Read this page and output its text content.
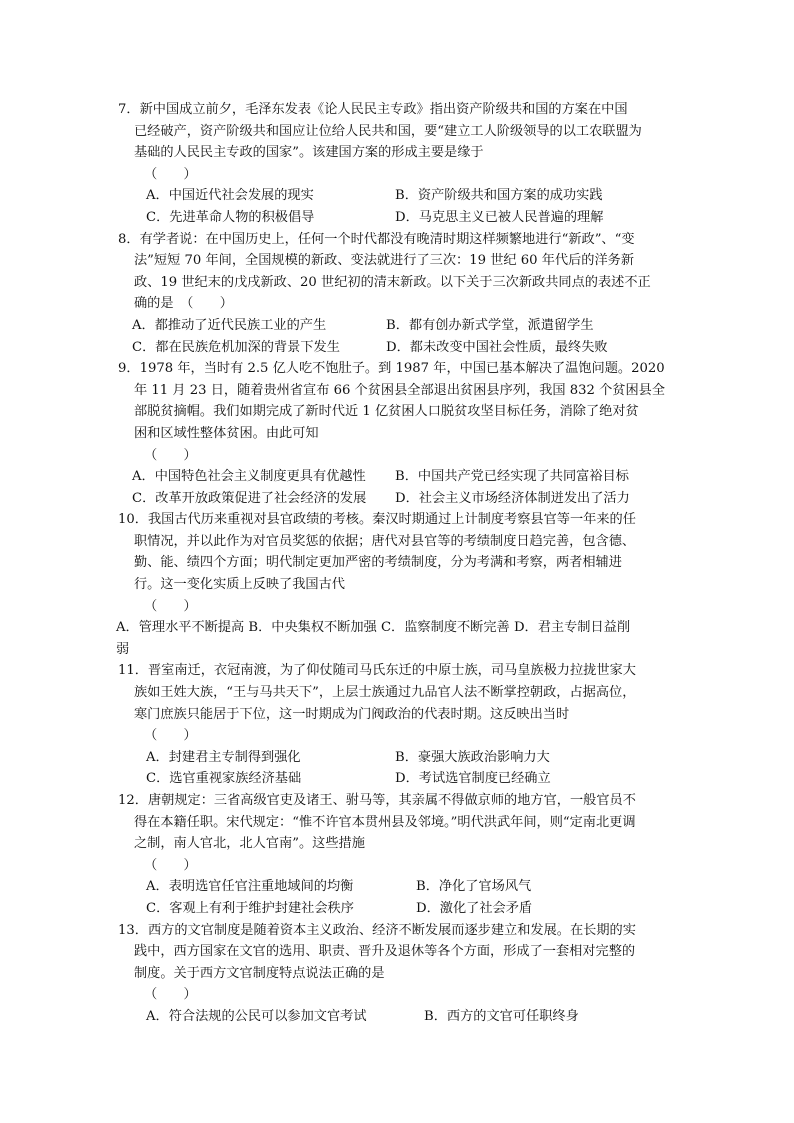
7．新中国成立前夕，毛泽东发表《论人民民主专政》指出资产阶级共和国的方案在中国
已经破产，资产阶级共和国应让位给人民共和国，要“建立工人阶级领导的以工农联盟为
基础的人民民主专政的国家”。该建国方案的形成主要是缘于
（　　）
A．中国近代社会发展的现实	B．资产阶级共和国方案的成功实践
C．先进革命人物的积极倡导	D．马克思主义已被人民普遍的理解
8．有学者说：在中国历史上，任何一个时代都没有晚清时期这样频繁地进行“新政”、“变
法”短短 70 年间，全国规模的新政、变法就进行了三次：19 世纪 60 年代后的洋务新
政、19 世纪末的戊戌新政、20 世纪初的清末新政。以下关于三次新政共同点的表述不正
确的是　（　　）
A．都推动了近代民族工业的产生	B．都有创办新式学堂，派遣留学生
C．都在民族危机加深的背景下发生	D．都未改变中国社会性质，最终失败
9．1978 年，当时有 2.5 亿人吃不饱肚子。到 1987 年，中国已基本解决了温饱问题。2020
年 11 月 23 日，随着贵州省宣布 66 个贫困县全部退出贫困县序列，我国 832 个贫困县全
部脱贫摘帽。我们如期完成了新时代近 1 亿贫困人口脱贫攻坚目标任务，消除了绝对贫
困和区域性整体贫困。由此可知
（　　）
A．中国特色社会主义制度更具有优越性	B．中国共产党已经实现了共同富裕目标
C．改革开放政策促进了社会经济的发展	D．社会主义市场经济体制迸发出了活力
10．我国古代历来重视对县官政绩的考核。秦汉时期通过上计制度考察县官等一年来的任
职情况，并以此作为对官员奖惩的依据；唐代对县官等的考绩制度日趋完善，包含德、
勤、能、绩四个方面；明代制定更加严密的考绩制度，分为考满和考察，两者相辅进
行。这一变化实质上反映了我国古代
（　　）
A．管理水平不断提高 B．中央集权不断加强 C．监察制度不断完善 D．君主专制日益削
弱
11．晋室南迁，衣冠南渡，为了仰仗随司马氏东迁的中原士族，司马皇族极力拉拢世家大
族如王姓大族，“王与马共天下”，上层士族通过九品官人法不断掌控朝政，占据高位，
寒门庶族只能居于下位，这一时期成为门阀政治的代表时期。这反映出当时
（　　）
A．封建君主专制得到强化	B．豪强大族政治影响力大
C．选官重视家族经济基础	D．考试选官制度已经确立
12．唐朝规定：三省高级官吏及诸王、驸马等，其亲属不得做京师的地方官，一般官员不
得在本籍任职。宋代规定：“惟不许官本贯州县及邻境。”明代洪武年间，则“定南北更调
之制，南人官北，北人官南”。这些措施
（　　）
A．表明选官任官注重地域间的均衡	B．净化了官场风气
C．客观上有利于维护封建社会秩序	D．激化了社会矛盾
13．西方的文官制度是随着资本主义政治、经济不断发展而逐步建立和发展。在长期的实
践中，西方国家在文官的选用、职责、晋升及退休等各个方面，形成了一套相对完整的
制度。关于西方文官制度特点说法正确的是
（　　）
A．符合法规的公民可以参加文官考试	B．西方的文官可任职终身
